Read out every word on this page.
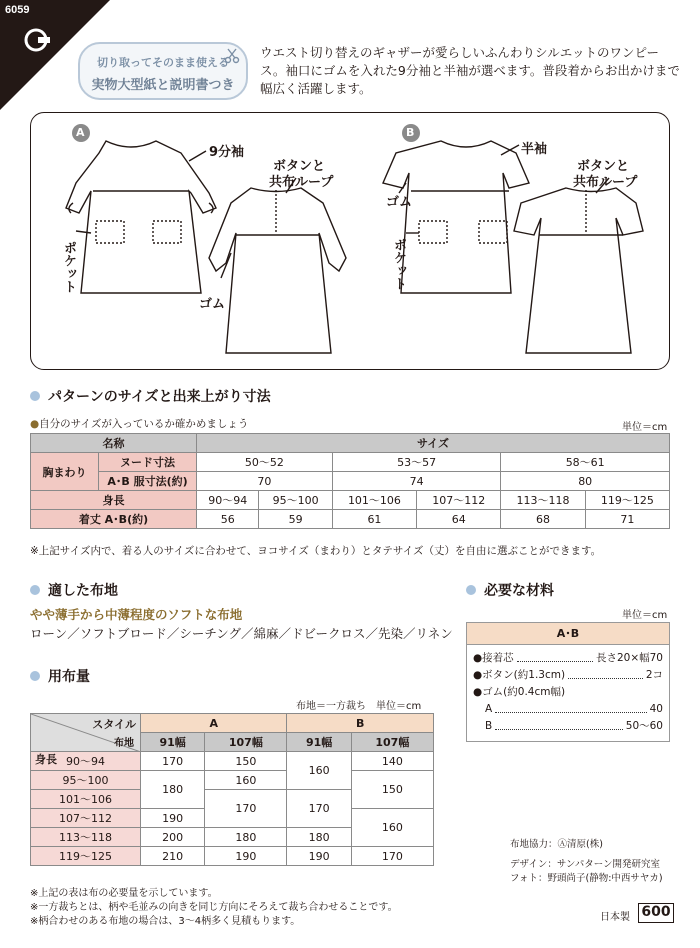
6059
切り取ってそのまま使える
実物大型紙と説明書つき
ウエスト切り替えのギャザーが愛らしいふんわりシルエットのワンピース。袖口にゴムを入れた9分袖と半袖が選べます。普段着からお出かけまで幅広く活躍します。
A	B
9分袖
ボタンと
共布ループ
ポケット
ゴム
半袖
ボタンと
共布ループ
ゴム
ポケット
パターンのサイズと出来上がり寸法
●自分のサイズが入っているか確かめましょう	単位＝cm
名称		サイズ					
胸まわり	ヌード寸法	50～52		53～57		58～61	
	A･B 服寸法(約)	70		74		80	
身長		90～94	95～100	101～106	107～112	113～118	119～125
着丈 A･B(約)		56	59	61	64	68	71
※上記サイズ内で、着る人のサイズに合わせて、ヨコサイズ（まわり）とタテサイズ（丈）を自由に選ぶことができます。
適した布地
やや薄手から中薄程度のソフトな布地
ローン／ソフトブロード／シーチング／綿麻／ドビークロス／先染／リネン
必要な材料
単位＝cm
A･B
●接着芯	長さ20×幅70
●ボタン(約1.3cm)	2コ
●ゴム(約0.4cm幅)
A	40
B	50～60
用布量
布地＝一方裁ち　 単位＝cm
スタイル
布地
身長	A		B	
	91幅	107幅	91幅	107幅
90～94	170	150	160	140
95～100	180	160		150
101～106		170	170	
107～112	190			160
113～118	200	180	180	
119～125	210	190	190	170
※上記の表は布の必要量を示しています。
※一方裁ちとは、柄や毛並みの向きを同じ方向にそろえて裁ち合わせることです。
※柄合わせのある布地の場合は、3～4柄多く見積もります。
布地協力：Ⓐ清原(株)
デザイン：サンパターン開発研究室
フォト：野頭尚子(静物:中西サヤカ)
日本製 600
